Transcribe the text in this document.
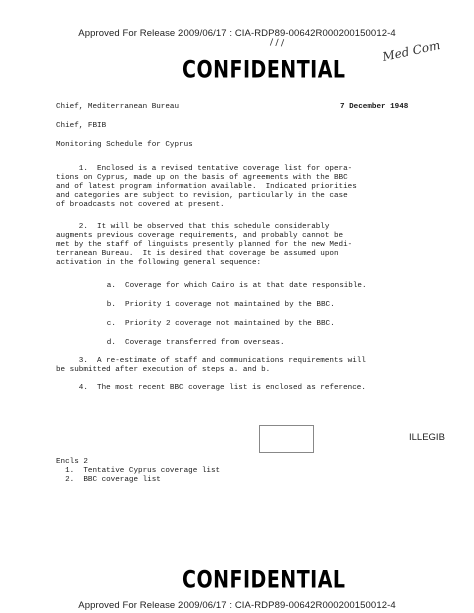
Approved For Release 2009/06/17 : CIA-RDP89-00642R000200150012-4
/ / /	Med Com
CONFIDENTIAL
Chief, Mediterranean Bureau	7 December 1948
Chief, FBIB
Monitoring Schedule for Cyprus
1.  Enclosed is a revised tentative coverage list for opera-
tions on Cyprus, made up on the basis of agreements with the BBC
and of latest program information available.  Indicated priorities
and categories are subject to revision, particularly in the case
of broadcasts not covered at present.
2.  It will be observed that this schedule considerably
augments previous coverage requirements, and probably cannot be
met by the staff of linguists presently planned for the new Medi-
terranean Bureau.  It is desired that coverage be assumed upon
activation in the following general sequence:
a.  Coverage for which Cairo is at that date responsible.
b.  Priority 1 coverage not maintained by the BBC.
c.  Priority 2 coverage not maintained by the BBC.
d.  Coverage transferred from overseas.
3.  A re-estimate of staff and communications requirements will
be submitted after execution of steps a. and b.
4.  The most recent BBC coverage list is enclosed as reference.
ILLEGIB
Encls 2
1.  Tentative Cyprus coverage list
2.  BBC coverage list
CONFIDENTIAL
Approved For Release 2009/06/17 : CIA-RDP89-00642R000200150012-4
